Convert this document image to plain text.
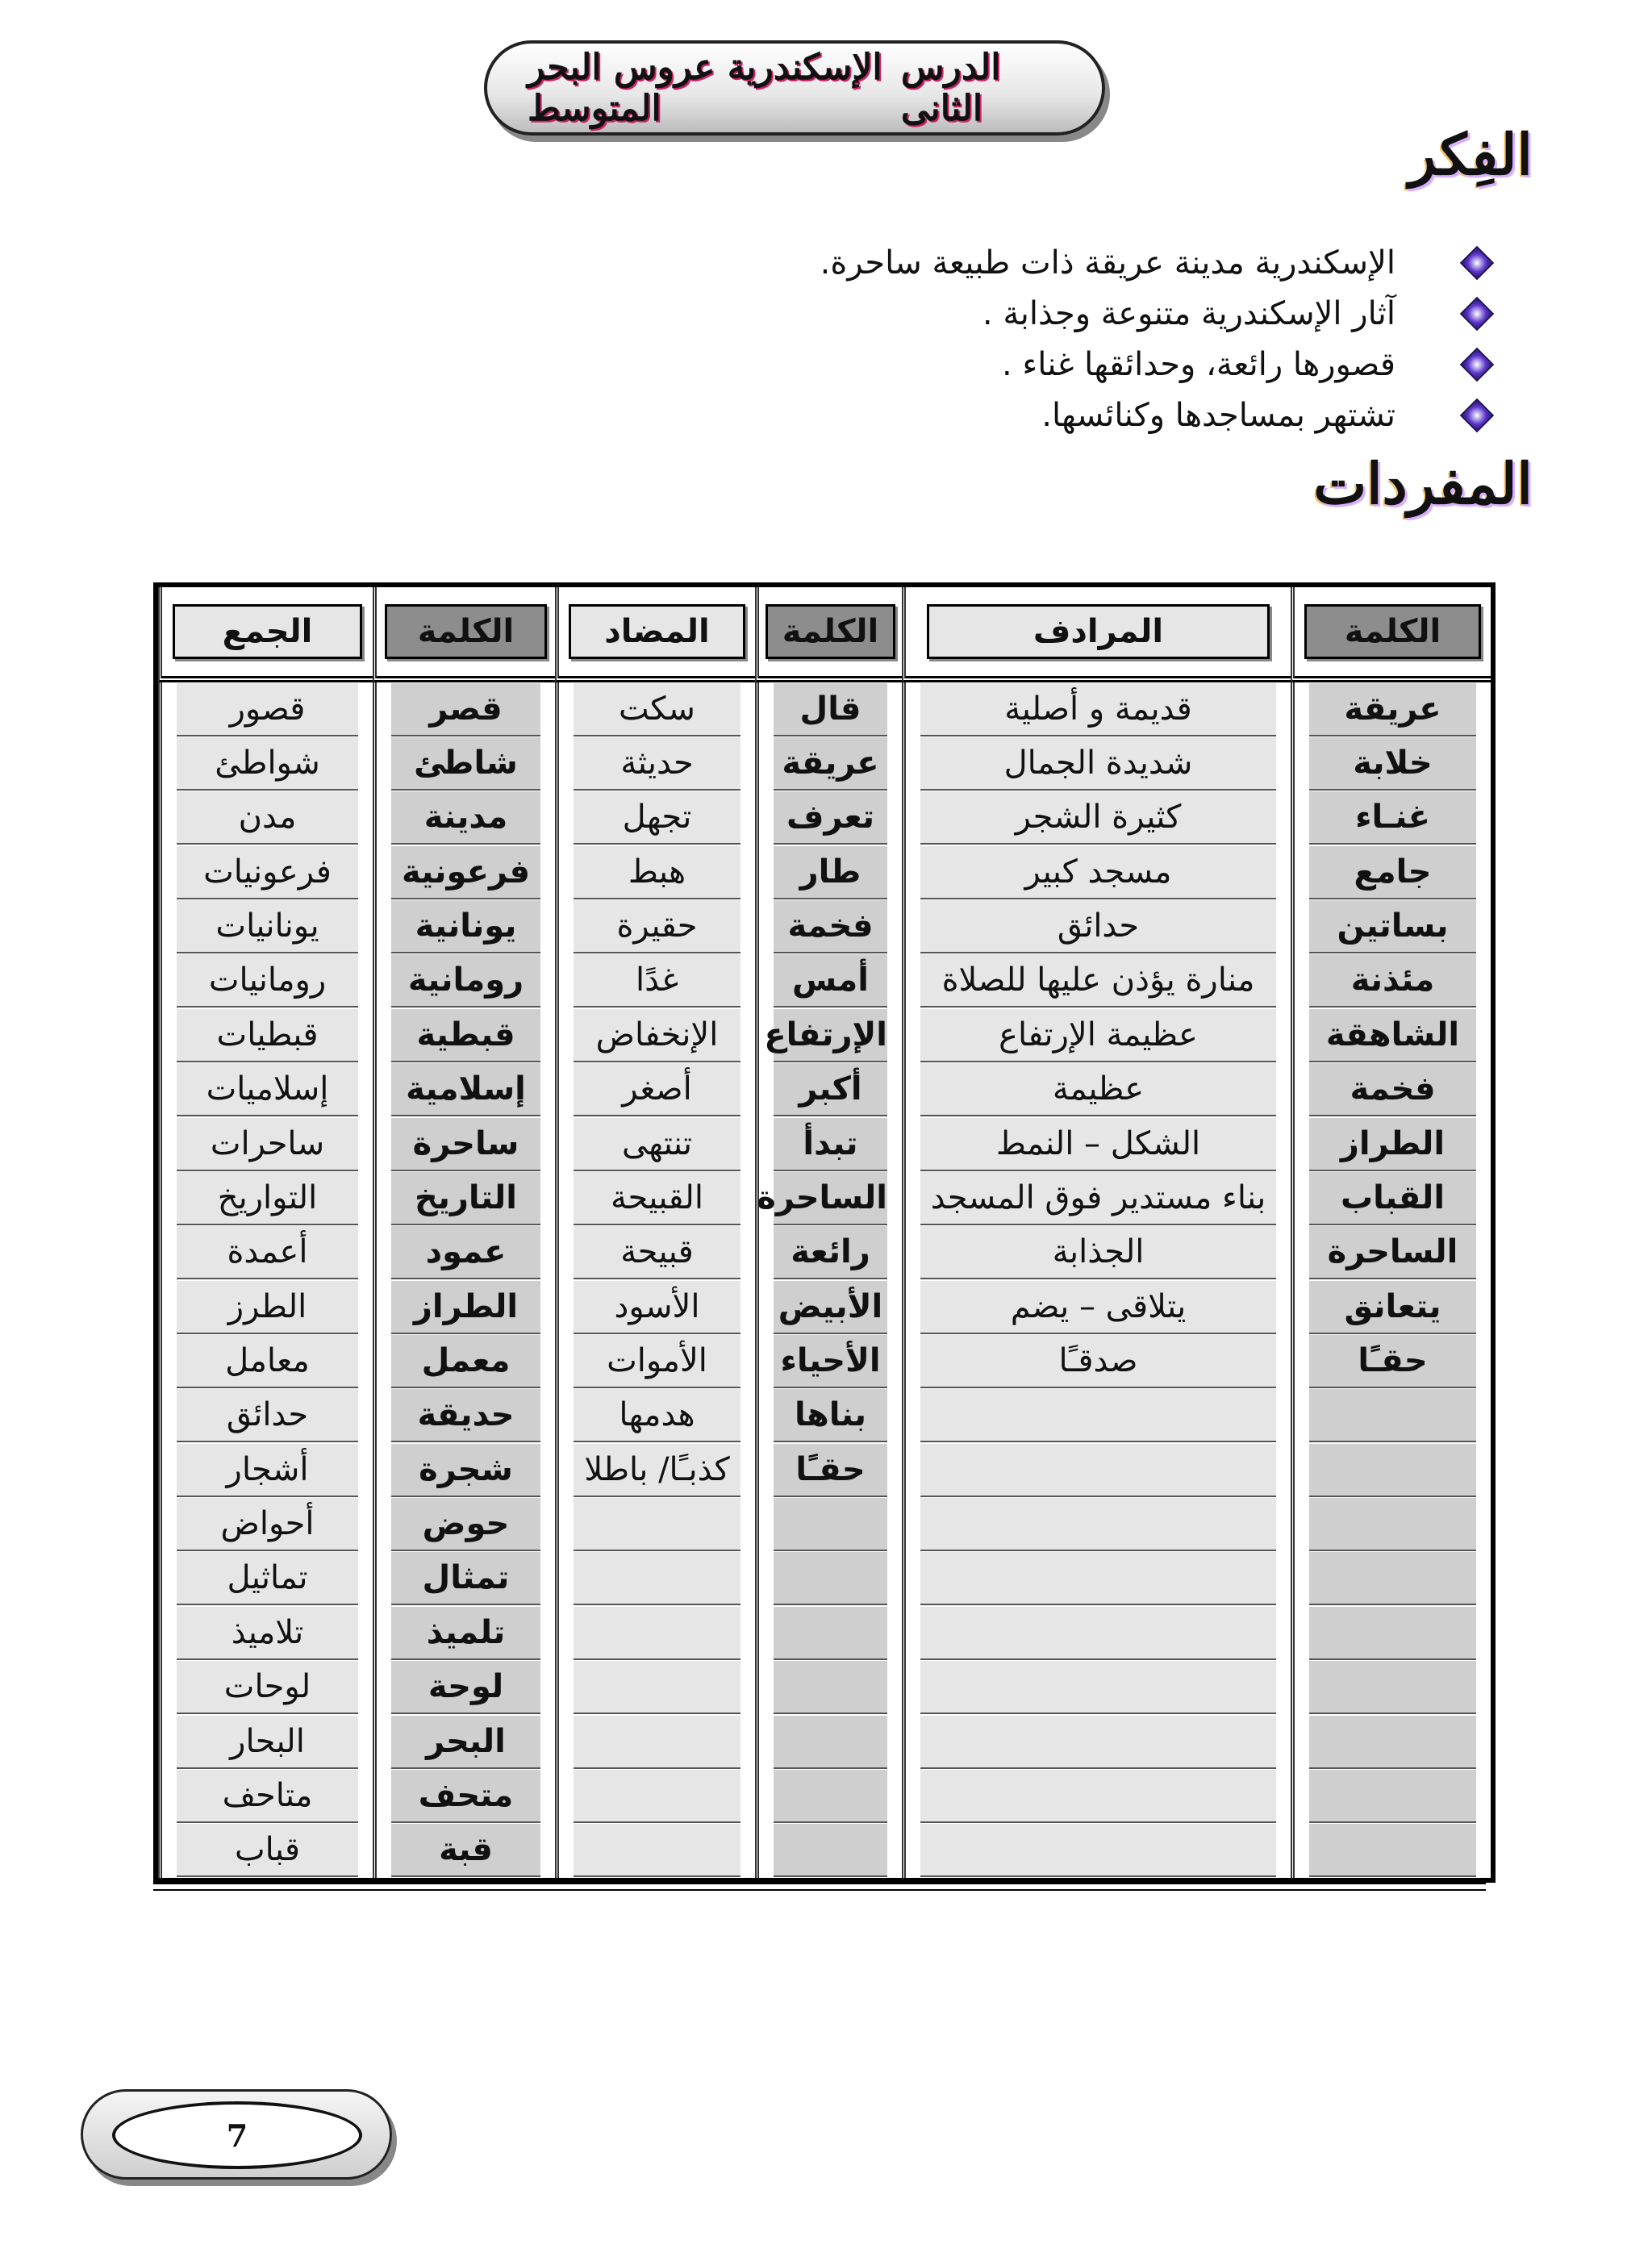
الإسكندرية عروس البحر المتوسط
الدرس الثانى
الفِكر
الإسكندرية مدينة عريقة ذات طبيعة ساحرة.
آثار الإسكندرية متنوعة وجذابة .
قصورها رائعة، وحدائقها غناء .
تشتهر بمساجدها وكنائسها.
المفردات
الكلمة	المرادف	الكلمة	المضاد	الكلمة	الجمع

عريقة	قديمة و أصلية	قال	سكت	قصر	قصور

خلابة	شديدة الجمال	عريقة	حديثة	شاطئ	شواطئ

غنـاء	كثيرة الشجر	تعرف	تجهل	مدينة	مدن

جامع	مسجد كبير	طار	هبط	فرعونية	فرعونيات

بساتين	حدائق	فخمة	حقيرة	يونانية	يونانيات

مئذنة	منارة يؤذن عليها للصلاة	أمس	غدًا	رومانية	رومانيات

الشاهقة	عظيمة الإرتفاع	الإرتفاع	الإنخفاض	قبطية	قبطيات

فخمة	عظيمة	أكبر	أصغر	إسلامية	إسلاميات

الطراز	الشكل – النمط	تبدأ	تنتهى	ساحرة	ساحرات

القباب	بناء مستدير فوق المسجد	الساحرة	القبيحة	التاريخ	التواريخ

الساحرة	الجذابة	رائعة	قبيحة	عمود	أعمدة

يتعانق	يتلاقى – يضم	الأبيض	الأسود	الطراز	الطرز

حقـًا	صدقـًا	الأحياء	الأموات	معمل	معامل

		بناها	هدمها	حديقة	حدائق

		حقـًا	كذبـًا/ باطلا	شجرة	أشجار

				حوض	أحواض

				تمثال	تماثيل

				تلميذ	تلاميذ

				لوحة	لوحات

				البحر	البحار

				متحف	متاحف

				قبة	قباب
7
